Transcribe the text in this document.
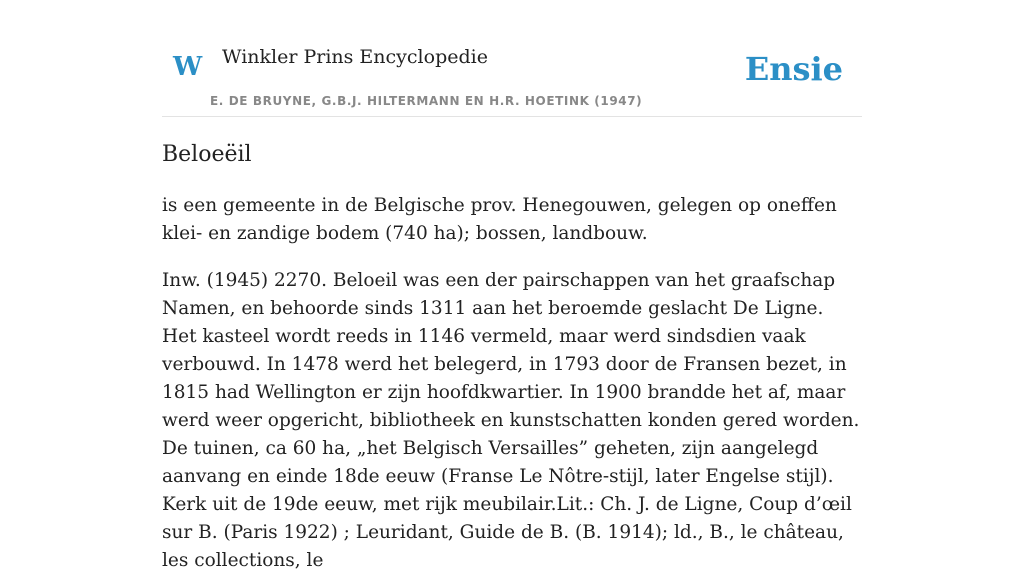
W Winkler Prins Encyclopedie
E. DE BRUYNE, G.B.J. HILTERMANN EN H.R. HOETINK (1947)
Ensie
Beloeëil

is een gemeente in de Belgische prov. Henegouwen, gelegen op oneffen klei- en zandige bodem (740 ha); bossen, landbouw.

Inw. (1945) 2270. Beloeil was een der pairschappen van het graafschap Namen, en behoorde sinds 1311 aan het beroemde geslacht De Ligne. Het kasteel wordt reeds in 1146 vermeld, maar werd sindsdien vaak verbouwd. In 1478 werd het belegerd, in 1793 door de Fransen bezet, in 1815 had Wellington er zijn hoofdkwartier. In 1900 brandde het af, maar werd weer opgericht, bibliotheek en kunstschatten konden gered worden. De tuinen, ca 60 ha, „het Belgisch Versailles” geheten, zijn aangelegd aanvang en einde 18de eeuw (Franse Le Nôtre-stijl, later Engelse stijl). Kerk uit de 19de eeuw, met rijk meubilair.Lit.: Ch. J. de Ligne, Coup d’œil sur B. (Paris 1922) ; Leuridant, Guide de B. (B. 1914); ld., B., le château, les collections, le
